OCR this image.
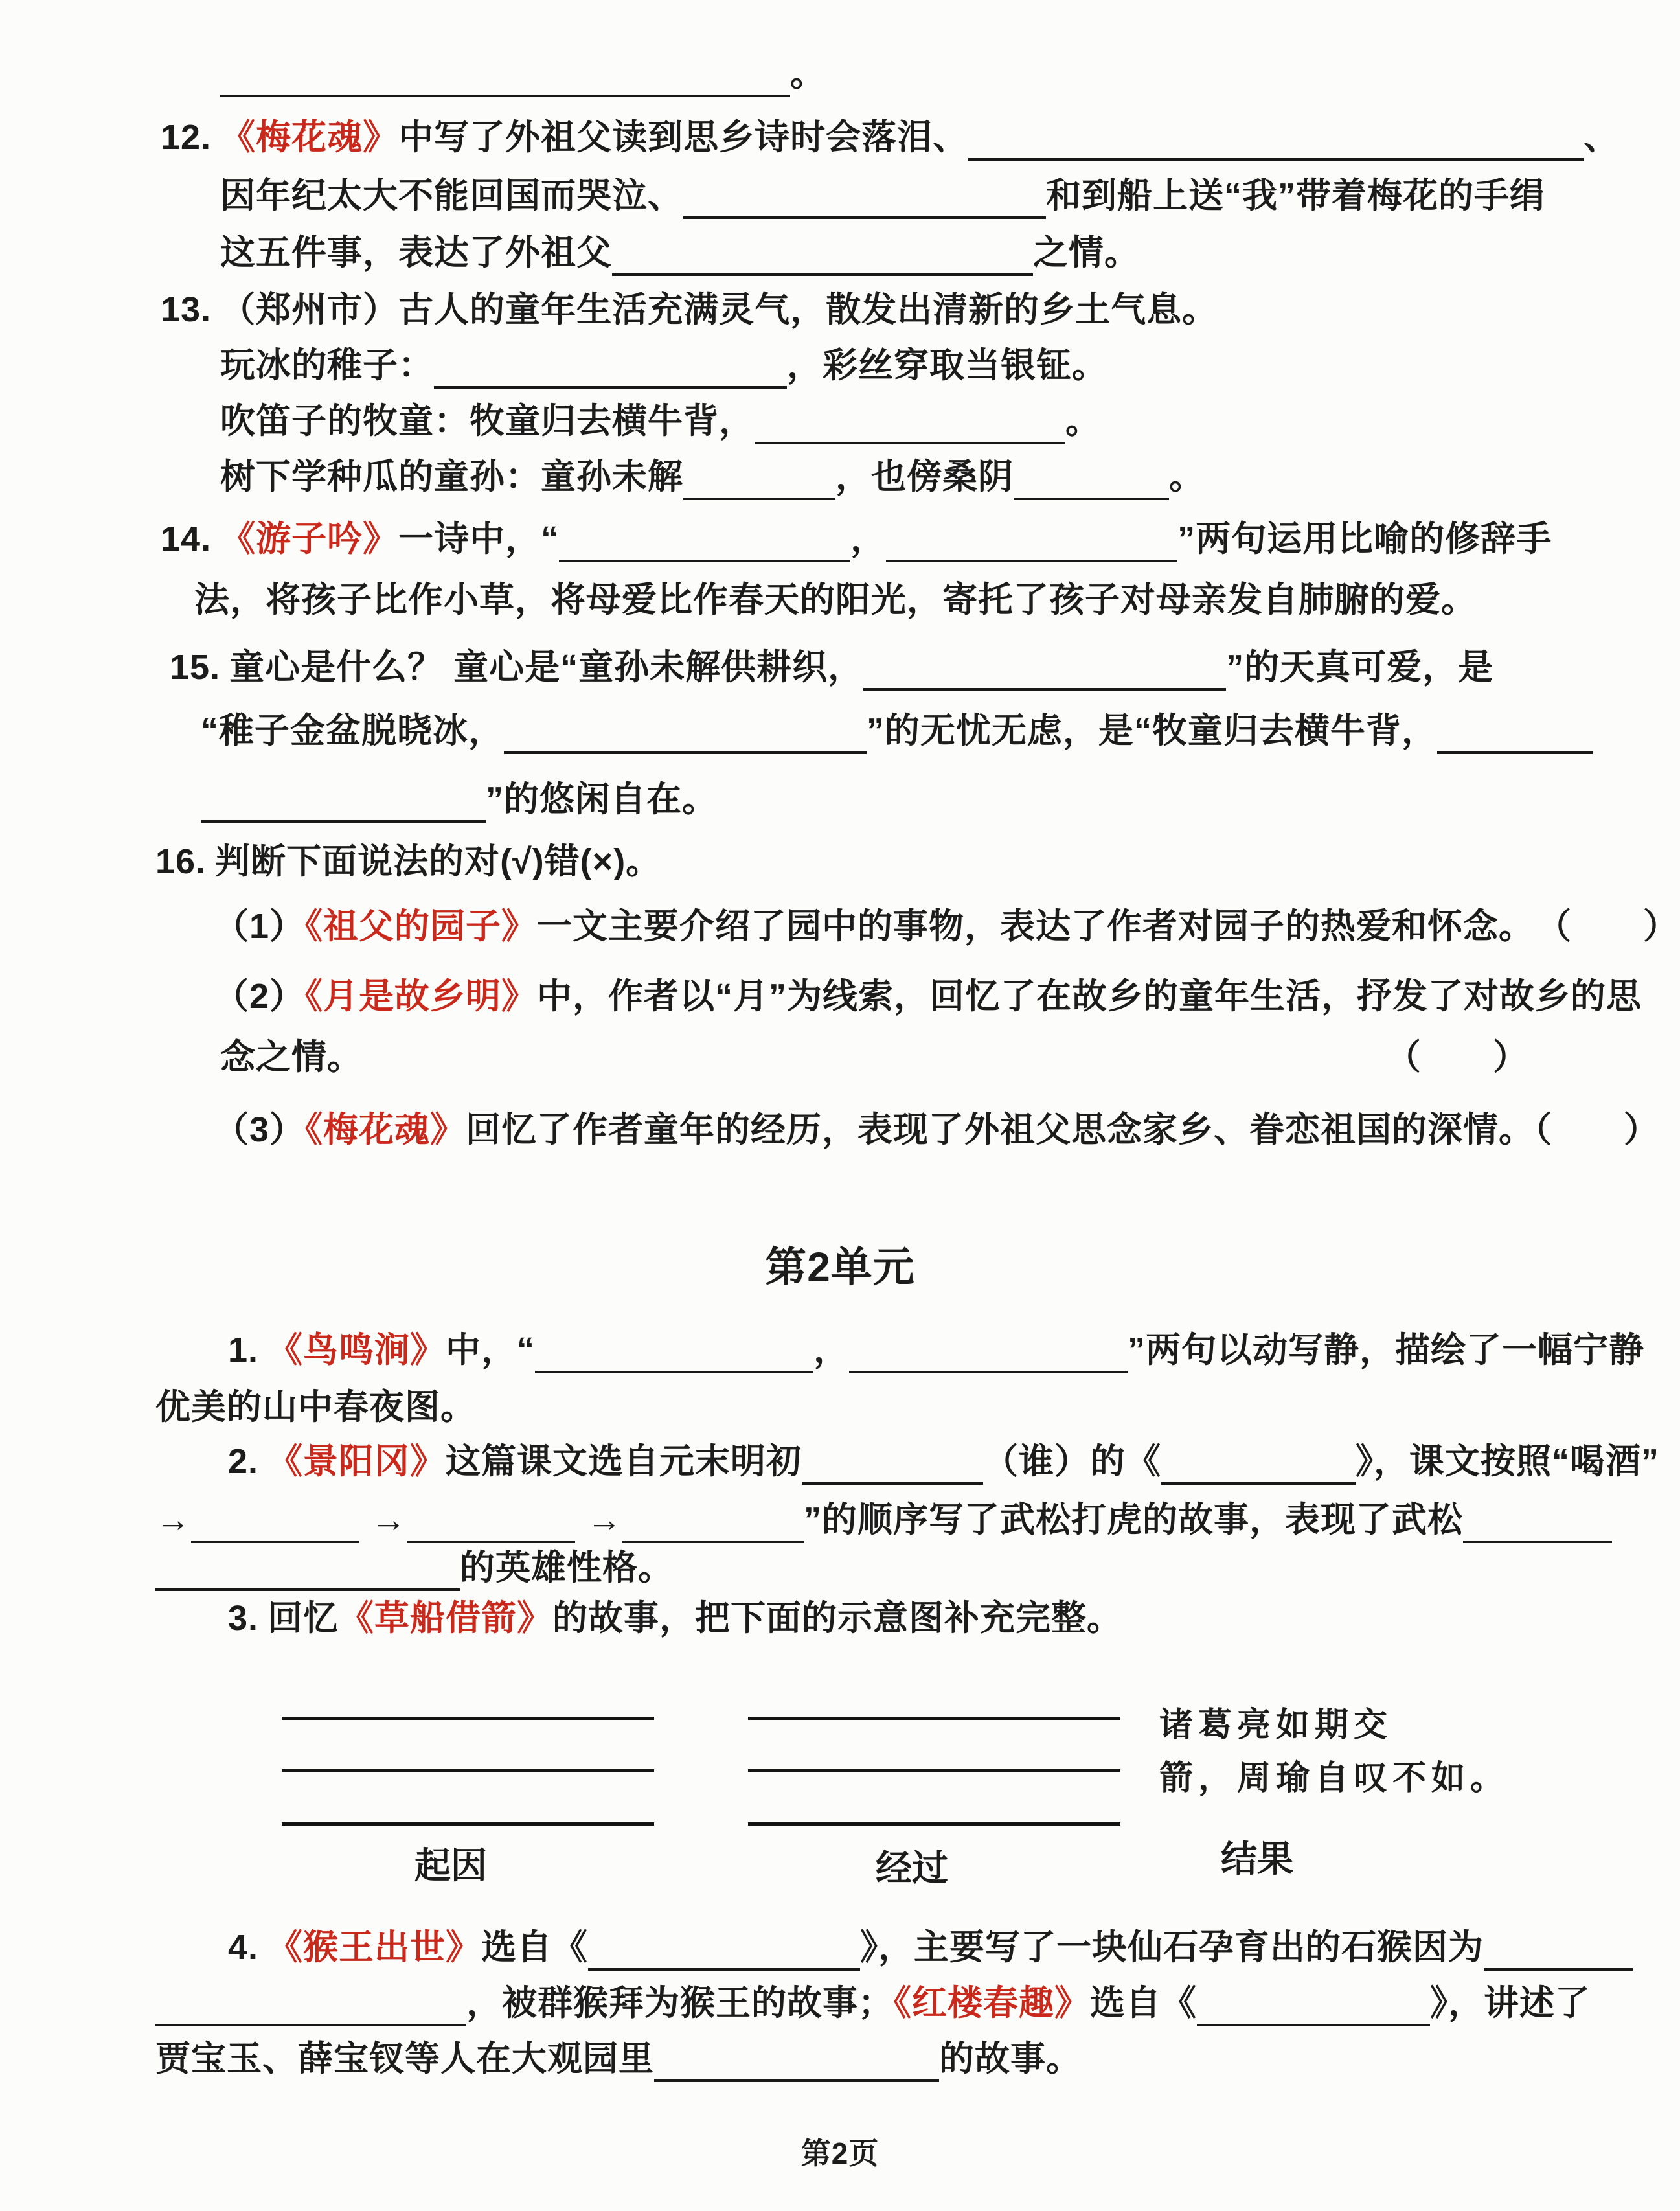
。
12. 《梅花魂》中写了外祖父读到思乡诗时会落泪、	、
因年纪太大不能回国而哭泣、	和到船上送“我”带着梅花的手绢
这五件事，表达了外祖父	之情。
13. （郑州市）古人的童年生活充满灵气，散发出清新的乡土气息。
玩冰的稚子：	，彩丝穿取当银钲。
吹笛子的牧童：牧童归去横牛背，	。
树下学种瓜的童孙：童孙未解	，也傍桑阴	。
14. 《游子吟》一诗中，“	，	”两句运用比喻的修辞手
法，将孩子比作小草，将母爱比作春天的阳光，寄托了孩子对母亲发自肺腑的爱。
15. 童心是什么？ 童心是“童孙未解供耕织，	”的天真可爱，是
“稚子金盆脱晓冰，	”的无忧无虑，是“牧童归去横牛背，
”的悠闲自在。
16. 判断下面说法的对(√)错(×)。
（1）《祖父的园子》一文主要介绍了园中的事物，表达了作者对园子的热爱和怀念。 （　　）
（2）《月是故乡明》中，作者以“月”为线索，回忆了在故乡的童年生活，抒发了对故乡的思
念之情。	（　　）
（3）《梅花魂》回忆了作者童年的经历，表现了外祖父思念家乡、眷恋祖国的深情。（　　）
第2单元
1. 《鸟鸣涧》中，“	，	”两句以动写静，描绘了一幅宁静
优美的山中春夜图。
2. 《景阳冈》这篇课文选自元末明初	（谁）的《	》，课文按照“喝酒”
→	→	→	”的顺序写了武松打虎的故事，表现了武松
的英雄性格。
3. 回忆《草船借箭》的故事，把下面的示意图补充完整。
起因	经过
诸葛亮如期交
箭，周瑜自叹不如。
结果
4. 《猴王出世》选自《	》，主要写了一块仙石孕育出的石猴因为
，被群猴拜为猴王的故事；《红楼春趣》选自《	》，讲述了
贾宝玉、薛宝钗等人在大观园里	的故事。
第2页
